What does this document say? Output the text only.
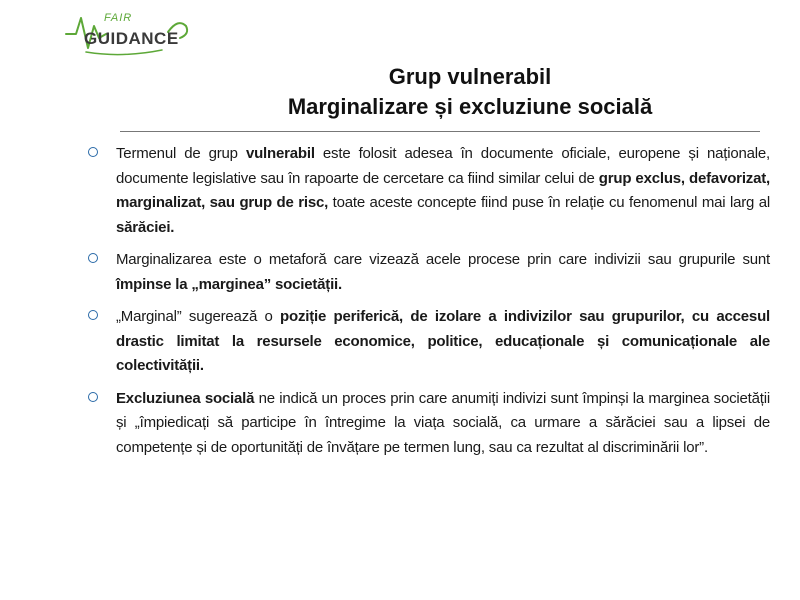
FAIR
GUIDANCE
Grup vulnerabil
Marginalizare și excluziune socială

Termenul de grup vulnerabil este folosit adesea în documente oficiale, europene și naționale, documente legislative sau în rapoarte de cercetare ca fiind similar celui de grup exclus, defavorizat, marginalizat, sau grup de risc, toate aceste concepte fiind puse în relație cu fenomenul mai larg al sărăciei.

Marginalizarea este o metaforă care vizează acele procese prin care indivizii sau grupurile sunt împinse la „marginea” societății.

„Marginal” sugerează o poziție periferică, de izolare a indivizilor sau grupurilor, cu accesul drastic limitat la resursele economice, politice, educaționale și comunicaționale ale colectivității.

Excluziunea socială ne indică un proces prin care anumiți indivizi sunt împinși la marginea societății și „împiedicați să participe în întregime la viața socială, ca urmare a sărăciei sau a lipsei de competențe și de oportunități de învățare pe termen lung, sau ca rezultat al discriminării lor”.
